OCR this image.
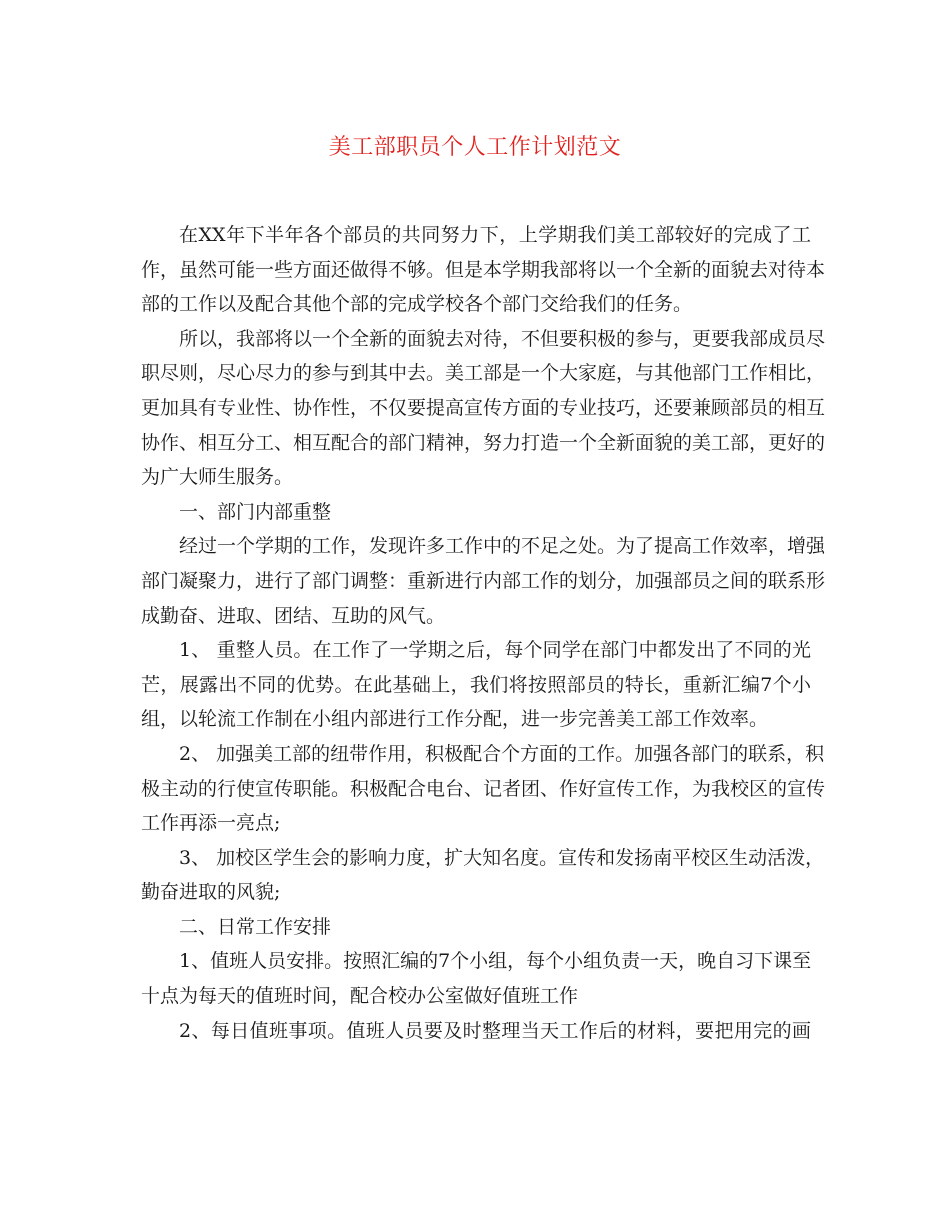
美工部职员个人工作计划范文
在XX年下半年各个部员的共同努力下，上学期我们美工部较好的完成了工
作，虽然可能一些方面还做得不够。但是本学期我部将以一个全新的面貌去对待本
部的工作以及配合其他个部的完成学校各个部门交给我们的任务。
所以，我部将以一个全新的面貌去对待，不但要积极的参与，更要我部成员尽
职尽则，尽心尽力的参与到其中去。美工部是一个大家庭，与其他部门工作相比，
更加具有专业性、协作性，不仅要提高宣传方面的专业技巧，还要兼顾部员的相互
协作、相互分工、相互配合的部门精神，努力打造一个全新面貌的美工部，更好的
为广大师生服务。
一、部门内部重整
经过一个学期的工作，发现许多工作中的不足之处。为了提高工作效率，增强
部门凝聚力，进行了部门调整：重新进行内部工作的划分，加强部员之间的联系形
成勤奋、进取、团结、互助的风气。
1、 重整人员。在工作了一学期之后，每个同学在部门中都发出了不同的光
芒，展露出不同的优势。在此基础上，我们将按照部员的特长，重新汇编7个小
组，以轮流工作制在小组内部进行工作分配，进一步完善美工部工作效率。
2、 加强美工部的纽带作用，积极配合个方面的工作。加强各部门的联系，积
极主动的行使宣传职能。积极配合电台、记者团、作好宣传工作，为我校区的宣传
工作再添一亮点;
3、 加校区学生会的影响力度，扩大知名度。宣传和发扬南平校区生动活泼，
勤奋进取的风貌;
二、日常工作安排
1、值班人员安排。按照汇编的7个小组，每个小组负责一天，晚自习下课至
十点为每天的值班时间，配合校办公室做好值班工作
2、每日值班事项。值班人员要及时整理当天工作后的材料，要把用完的画
